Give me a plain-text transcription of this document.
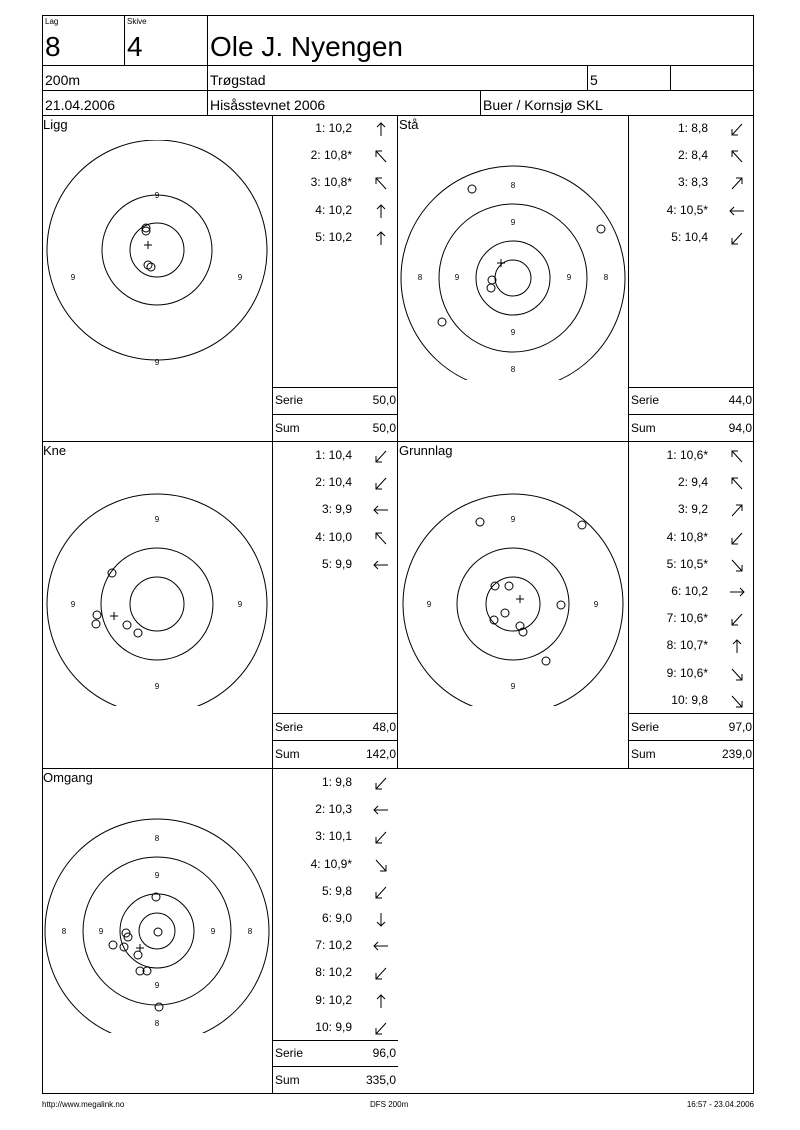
Lag
8
Skive
4 Ole J. Nyengen
200m	Trøgstad	5
21.04.2006	Hisåsstevnet 2006	Buer / Kornsjø SKL
Ligg
9
9
9	9
1: 10,2
2: 10,8*
3: 10,8*
4: 10,2
5: 10,2
Serie	50,0
Sum	50,0
Stå
9
9
9	9
8
8
8	8
1: 8,8
2: 8,4
3: 8,3
4: 10,5*
5: 10,4
Serie	44,0
Sum	94,0
Kne
9
9
9	9
1: 10,4
2: 10,4
3: 9,9
4: 10,0
5: 9,9
Serie	48,0
Sum	142,0
Grunnlag
9
9
9	9
1: 10,6*
2: 9,4
3: 9,2
4: 10,8*
5: 10,5*
6: 10,2
7: 10,6*
8: 10,7*
9: 10,6*
10: 9,8
Serie	97,0
Sum	239,0
Omgang
9
9
9	9
8
8
8	8
1: 9,8
2: 10,3
3: 10,1
4: 10,9*
5: 9,8
6: 9,0
7: 10,2
8: 10,2
9: 10,2
10: 9,9
Serie	96,0
Sum	335,0
http://www.megalink.no	DFS 200m	16:57 - 23.04.2006
